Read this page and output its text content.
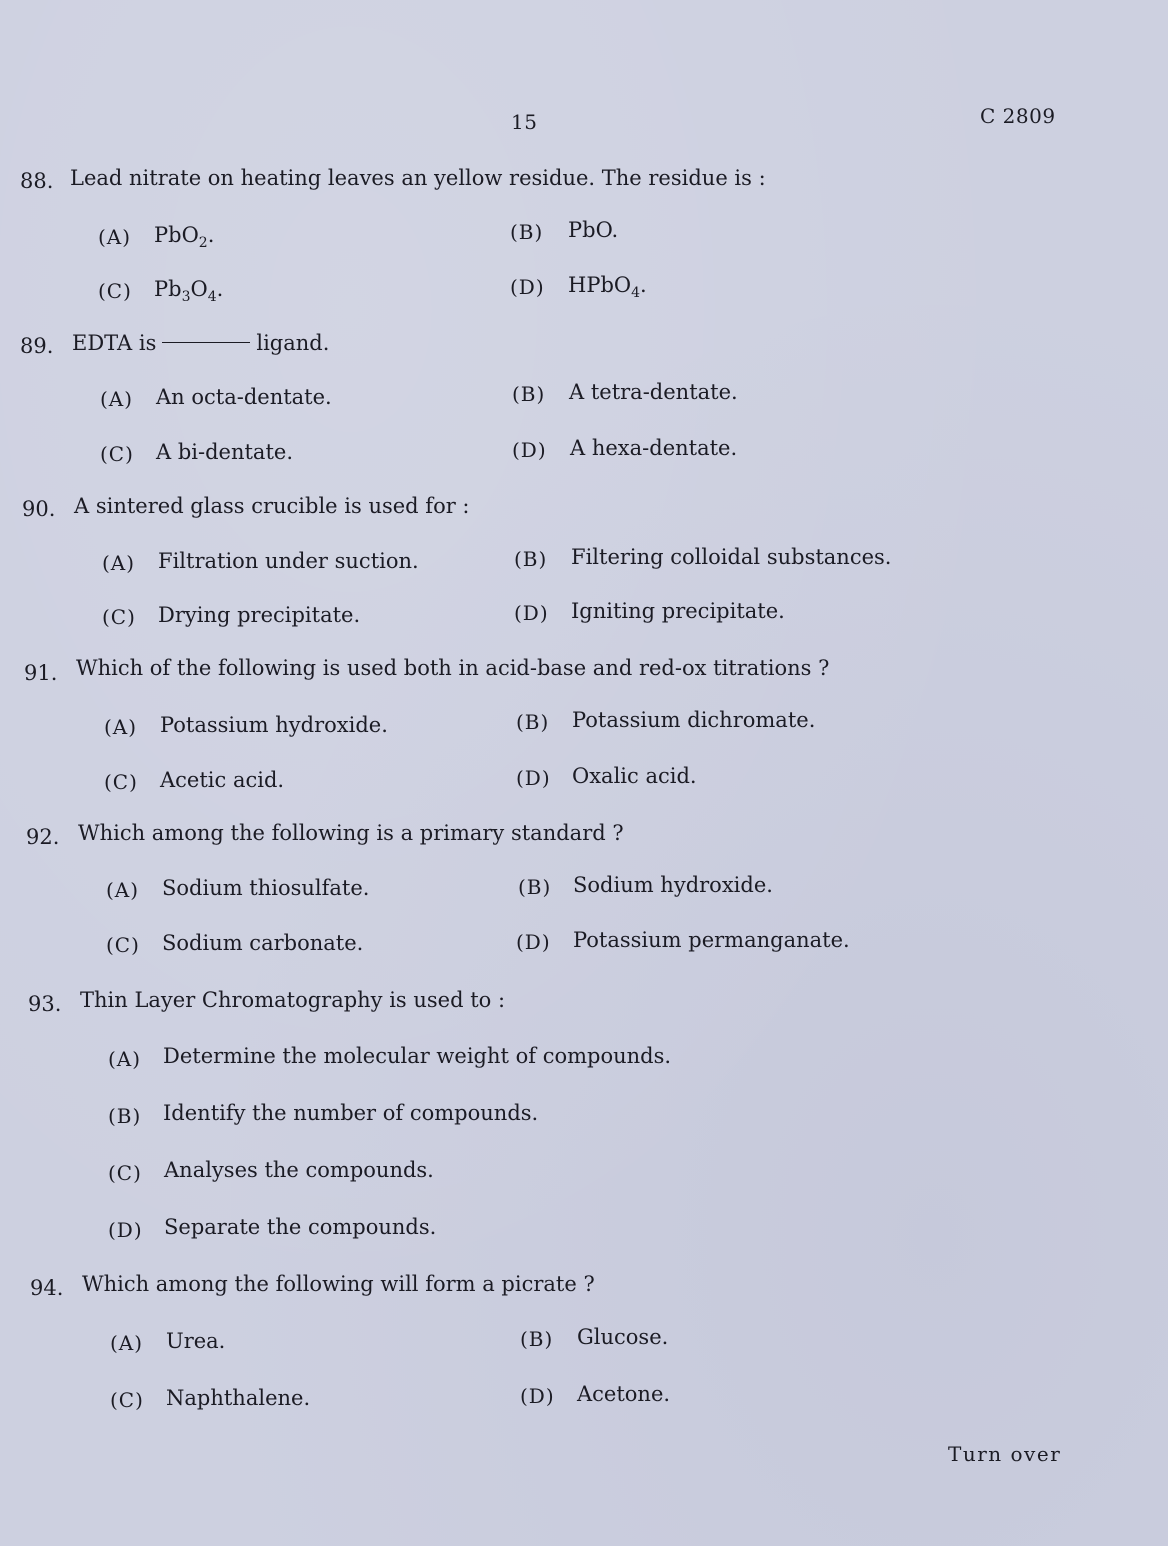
15	C 2809
88. Lead nitrate on heating leaves an yellow residue. The residue is :
(A) PbO$_2$.	(B) PbO.
(C) $Pb_3O_4$.	(D) HPbO$_4$.
89. EDTA is	ligand.
(A) An octa-dentate.	(B) A tetra-dentate.
(C) A bi-dentate.	(D) A hexa-dentate.
90. A sintered glass crucible is used for :
(A) Filtration under suction.	(B) Filtering colloidal substances.
(C) Drying precipitate.	(D) Igniting precipitate.
91. Which of the following is used both in acid-base and red-ox titrations ?
(A) Potassium hydroxide.	(B) Potassium dichromate.
(C) Acetic acid.	(D) Oxalic acid.
92. Which among the following is a primary standard ?
(A) Sodium thiosulfate.	(B) Sodium hydroxide.
(C) Sodium carbonate.	(D) Potassium permanganate.
93. Thin Layer Chromatography is used to :
(A) Determine the molecular weight of compounds.
(B) Identify the number of compounds.
(C) Analyses the compounds.
(D) Separate the compounds.
94. Which among the following will form a picrate ?
(A) Urea.	(B) Glucose.
(C) Naphthalene.	(D) Acetone.
Turn over
